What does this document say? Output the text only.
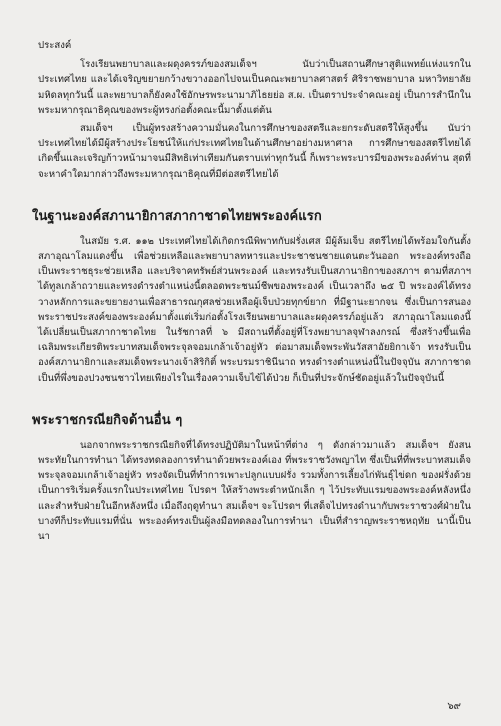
ประสงค์

โรงเรียนพยาบาลและผดุงครรภ์ของสมเด็จฯ นับว่าเป็นสถานศึกษาสูติแพทย์แห่งแรกในประเทศไทย และได้เจริญขยายกว้างขวางออกไปจนเป็นคณะพยาบาลศาสตร์ ศิริราชพยาบาล มหาวิทยาลัยมหิดลทุกวันนี้ และพยาบาลก็ยังคงใช้อักษรพระนามาภิไธยย่อ ส.ผ. เป็นตราประจำคณะอยู่ เป็นการสำนึกในพระมหากรุณาธิคุณของพระผู้ทรงก่อตั้งคณะนี้มาตั้งแต่ต้น

สมเด็จฯ เป็นผู้ทรงสร้างความมั่นคงในการศึกษาของสตรีและยกระดับสตรีให้สูงขึ้น นับว่าประเทศไทยได้มีผู้สร้างประโยชน์ให้แก่ประเทศไทยในด้านศึกษาอย่างมหาศาล การศึกษาของสตรีไทยได้เกิดขึ้นและเจริญก้าวหน้ามาจนมีสิทธิเท่าเทียมกันตราบเท่าทุกวันนี้ ก็เพราะพระบารมีของพระองค์ท่าน สุดที่จะหาคำใดมากล่าวถึงพระมหากรุณาธิคุณที่มีต่อสตรีไทยได้

ในฐานะองค์สภานายิกาสภากาชาดไทยพระองค์แรก

ในสมัย ร.ศ. ๑๑๒ ประเทศไทยได้เกิดกรณีพิพาทกับฝรั่งเศส มีผู้ล้มเจ็บ สตรีไทยได้พร้อมใจกันตั้งสภาอุณาโลมแดงขึ้น เพื่อช่วยเหลือและพยาบาลทหารและประชาชนชายแดนตะวันออก พระองค์ทรงถือเป็นพระราชธุระช่วยเหลือ และบริจาคทรัพย์ส่วนพระองค์ และทรงรับเป็นสภานายิกาของสภาฯ ตามที่สภาฯได้ทูลเกล้าถวายและทรงดำรงตำแหน่งนี้ตลอดพระชนม์ชีพของพระองค์ เป็นเวลาถึง ๒๕ ปี พระองค์ได้ทรงวางหลักการและขยายงานเพื่อสาธารณกุศลช่วยเหลือผู้เจ็บป่วยทุกข์ยาก ที่มีฐานะยากจน ซึ่งเป็นการสนองพระราชประสงค์ของพระองค์มาตั้งแต่เริ่มก่อตั้งโรงเรียนพยาบาลและผดุงครรภ์อยู่แล้ว สภาอุณาโลมแดงนี้ ได้เปลี่ยนเป็นสภากาชาดไทย ในรัชกาลที่ ๖ มีสถานที่ตั้งอยู่ที่โรงพยาบาลจุฬาลงกรณ์ ซึ่งสร้างขึ้นเพื่อเฉลิมพระเกียรติพระบาทสมเด็จพระจุลจอมเกล้าเจ้าอยู่หัว ต่อมาสมเด็จพระพันวัสสาอัยยิกาเจ้า ทรงรับเป็นองค์สภานายิกาและสมเด็จพระนางเจ้าสิริกิติ์ พระบรมราชินีนาถ ทรงดำรงตำแหน่งนี้ในปัจจุบัน สภากาชาดเป็นที่พึ่งของปวงชนชาวไทยเพียงไรในเรื่องความเจ็บไข้ได้ป่วย ก็เป็นที่ประจักษ์ชัดอยู่แล้วในปัจจุบันนี้

พระราชกรณียกิจด้านอื่น ๆ

นอกจากพระราชกรณียกิจที่ได้ทรงปฏิบัติมาในหน้าที่ต่าง ๆ ดังกล่าวมาแล้ว สมเด็จฯ ยังสนพระทัยในการทำนา ได้ทรงทดลองการทำนาด้วยพระองค์เอง ที่พระราชวังพญาไท ซึ่งเป็นที่ที่พระบาทสมเด็จพระจุลจอมเกล้าเจ้าอยู่หัว ทรงจัดเป็นที่ทำการเพาะปลูกแบบฝรั่ง รวมทั้งการเลี้ยงไก่พันธุ์ไข่ดก ของฝรั่งด้วย เป็นการริเริ่มครั้งแรกในประเทศไทย โปรดฯ ให้สร้างพระตำหนักเล็ก ๆ ไว้ประทับแรมของพระองค์หลังหนึ่ง และสำหรับฝ่ายในอีกหลังหนึ่ง เมื่อถึงฤดูทำนา สมเด็จฯ จะโปรดฯ ที่เสด็จไปทรงดำนากับพระราชวงศ์ฝ่ายใน บางทีก็ประทับแรมที่นั่น พระองค์ทรงเป็นผู้ลงมือทดลองในการทำนา เป็นที่สำราญพระราชหฤทัย นานี้เป็นนา

๖๙
